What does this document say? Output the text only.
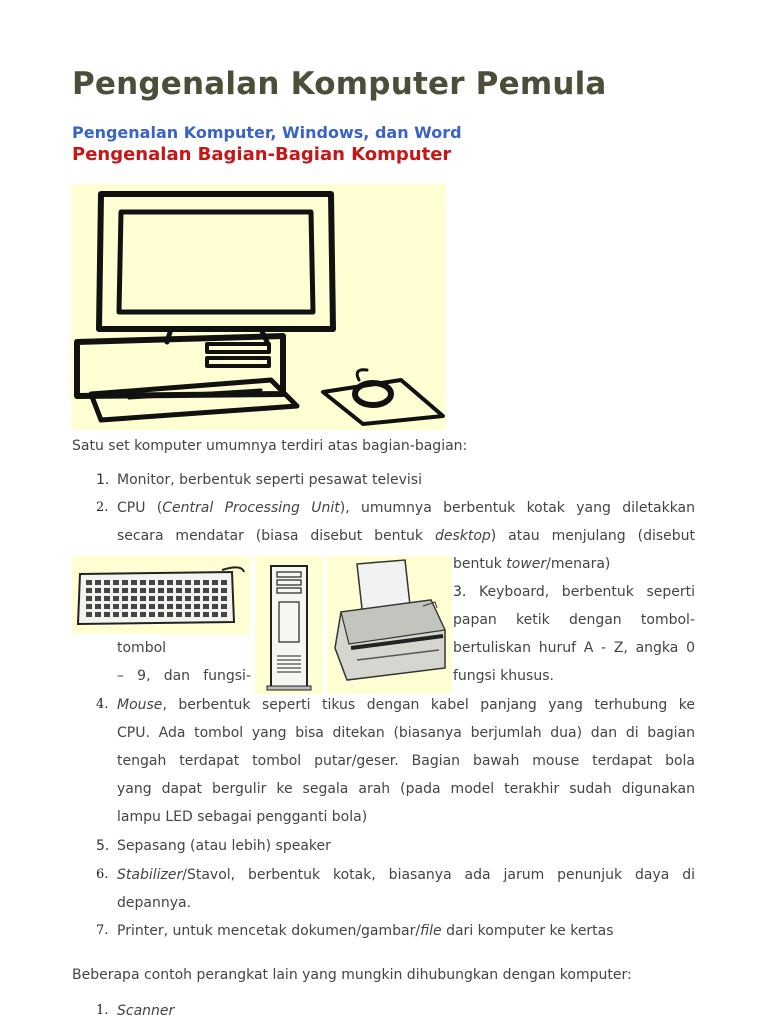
Pengenalan Komputer Pemula
Pengenalan Komputer, Windows, dan Word
Pengenalan Bagian-Bagian Komputer
Satu set komputer umumnya terdiri atas bagian-bagian:
1. Monitor, berbentuk seperti pesawat televisi
2. CPU (Central Processing Unit), umumnya berbentuk kotak yang diletakkan
secara mendatar (biasa disebut bentuk desktop) atau menjulang (disebut
bentuk tower/menara)
3. Keyboard, berbentuk seperti
papan ketik dengan tombol-
tombol	bertuliskan huruf A - Z, angka 0
– 9, dan fungsi-	fungsi khusus.
4. Mouse, berbentuk seperti tikus dengan kabel panjang yang terhubung ke
CPU. Ada tombol yang bisa ditekan (biasanya berjumlah dua) dan di bagian
tengah terdapat tombol putar/geser. Bagian bawah mouse terdapat bola
yang dapat bergulir ke segala arah (pada model terakhir sudah digunakan
lampu LED sebagai pengganti bola)
5. Sepasang (atau lebih) speaker
6. Stabilizer/Stavol, berbentuk kotak, biasanya ada jarum penunjuk daya di
depannya.
7. Printer, untuk mencetak dokumen/gambar/file dari komputer ke kertas
Beberapa contoh perangkat lain yang mungkin dihubungkan dengan komputer:
1. Scanner
